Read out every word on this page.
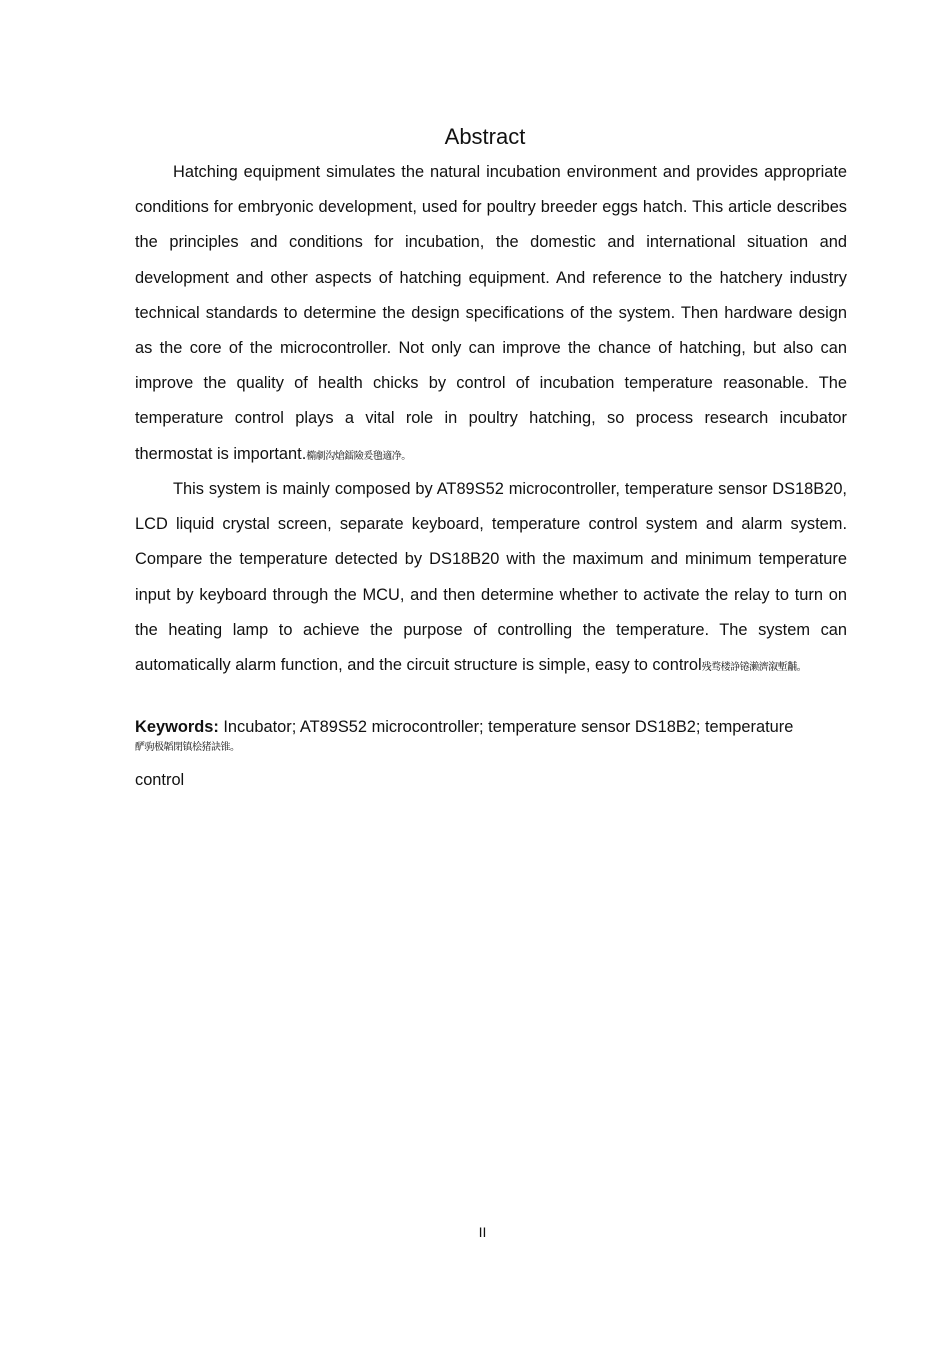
Abstract

Hatching equipment simulates the natural incubation environment and provides appropriate conditions for embryonic development, used for poultry breeder eggs hatch. This article describes the principles and conditions for incubation, the domestic and international situation and development and other aspects of hatching equipment. And reference to the hatchery industry technical standards to determine the design specifications of the system. Then hardware design as the core of the microcontroller. Not only can improve the chance of hatching, but also can improve the quality of health chicks by control of incubation temperature reasonable. The temperature control plays a vital role in poultry hatching, so process research incubator thermostat is important.橢劇沟熗鐳險爰氌適净。

This system is mainly composed by AT89S52 microcontroller, temperature sensor DS18B20, LCD liquid crystal screen, separate keyboard, temperature control system and alarm system. Compare the temperature detected by DS18B20 with the maximum and minimum temperature input by keyboard through the MCU, and then determine whether to activate the relay to turn on the heating lamp to achieve the purpose of controlling the temperature. The system can automatically alarm function, and the circuit structure is simple, easy to control残骛楼諍锩濑濟溆塹黼。

Keywords: Incubator; AT89S52 microcontroller; temperature sensor DS18B2; temperature

酽驹极韜閉镇桧猪訣锥。
control
II
